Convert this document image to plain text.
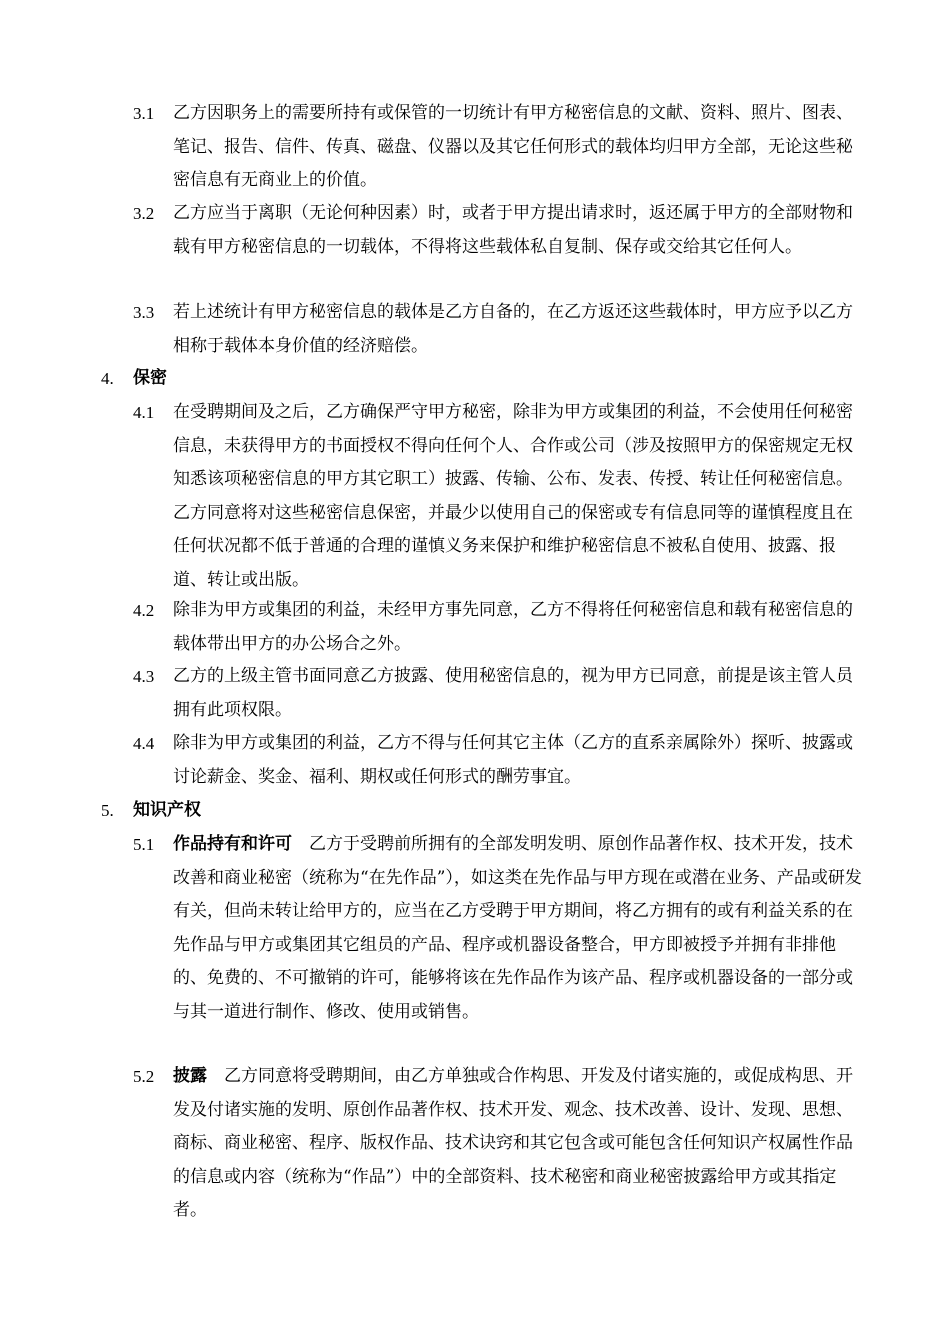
3.1 乙方因职务上的需要所持有或保管的一切统计有甲方秘密信息的文献、资料、照片、图表、笔记、报告、信件、传真、磁盘、仪器以及其它任何形式的载体均归甲方全部，无论这些秘密信息有无商业上的价值。
3.2 乙方应当于离职（无论何种因素）时，或者于甲方提出请求时，返还属于甲方的全部财物和载有甲方秘密信息的一切载体，不得将这些载体私自复制、保存或交给其它任何人。
3.3 若上述统计有甲方秘密信息的载体是乙方自备的，在乙方返还这些载体时，甲方应予以乙方相称于载体本身价值的经济赔偿。
4. 保密
4.1 在受聘期间及之后，乙方确保严守甲方秘密，除非为甲方或集团的利益，不会使用任何秘密信息，未获得甲方的书面授权不得向任何个人、合作或公司（涉及按照甲方的保密规定无权知悉该项秘密信息的甲方其它职工）披露、传输、公布、发表、传授、转让任何秘密信息。乙方同意将对这些秘密信息保密，并最少以使用自己的保密或专有信息同等的谨慎程度且在任何状况都不低于普通的合理的谨慎义务来保护和维护秘密信息不被私自使用、披露、报道、转让或出版。
4.2 除非为甲方或集团的利益，未经甲方事先同意，乙方不得将任何秘密信息和载有秘密信息的载体带出甲方的办公场合之外。
4.3 乙方的上级主管书面同意乙方披露、使用秘密信息的，视为甲方已同意，前提是该主管人员拥有此项权限。
4.4 除非为甲方或集团的利益，乙方不得与任何其它主体（乙方的直系亲属除外）探听、披露或讨论薪金、奖金、福利、期权或任何形式的酬劳事宜。
5. 知识产权
5.1 作品持有和许可　 乙方于受聘前所拥有的全部发明发明、原创作品著作权、技术开发，技术改善和商业秘密（统称为“在先作品”），如这类在先作品与甲方现在或潜在业务、产品或研发有关，但尚未转让给甲方的，应当在乙方受聘于甲方期间，将乙方拥有的或有利益关系的在先作品与甲方或集团其它组员的产品、程序或机器设备整合，甲方即被授予并拥有非排他的、免费的、不可撤销的许可，能够将该在先作品作为该产品、程序或机器设备的一部分或与其一道进行制作、修改、使用或销售。
5.2 披露　 乙方同意将受聘期间，由乙方单独或合作构思、开发及付诸实施的，或促成构思、开发及付诸实施的发明、原创作品著作权、技术开发、观念、技术改善、设计、发现、思想、商标、商业秘密、程序、版权作品、技术诀窍和其它包含或可能包含任何知识产权属性作品的信息或内容（统称为“作品”）中的全部资料、技术秘密和商业秘密披露给甲方或其指定者。
